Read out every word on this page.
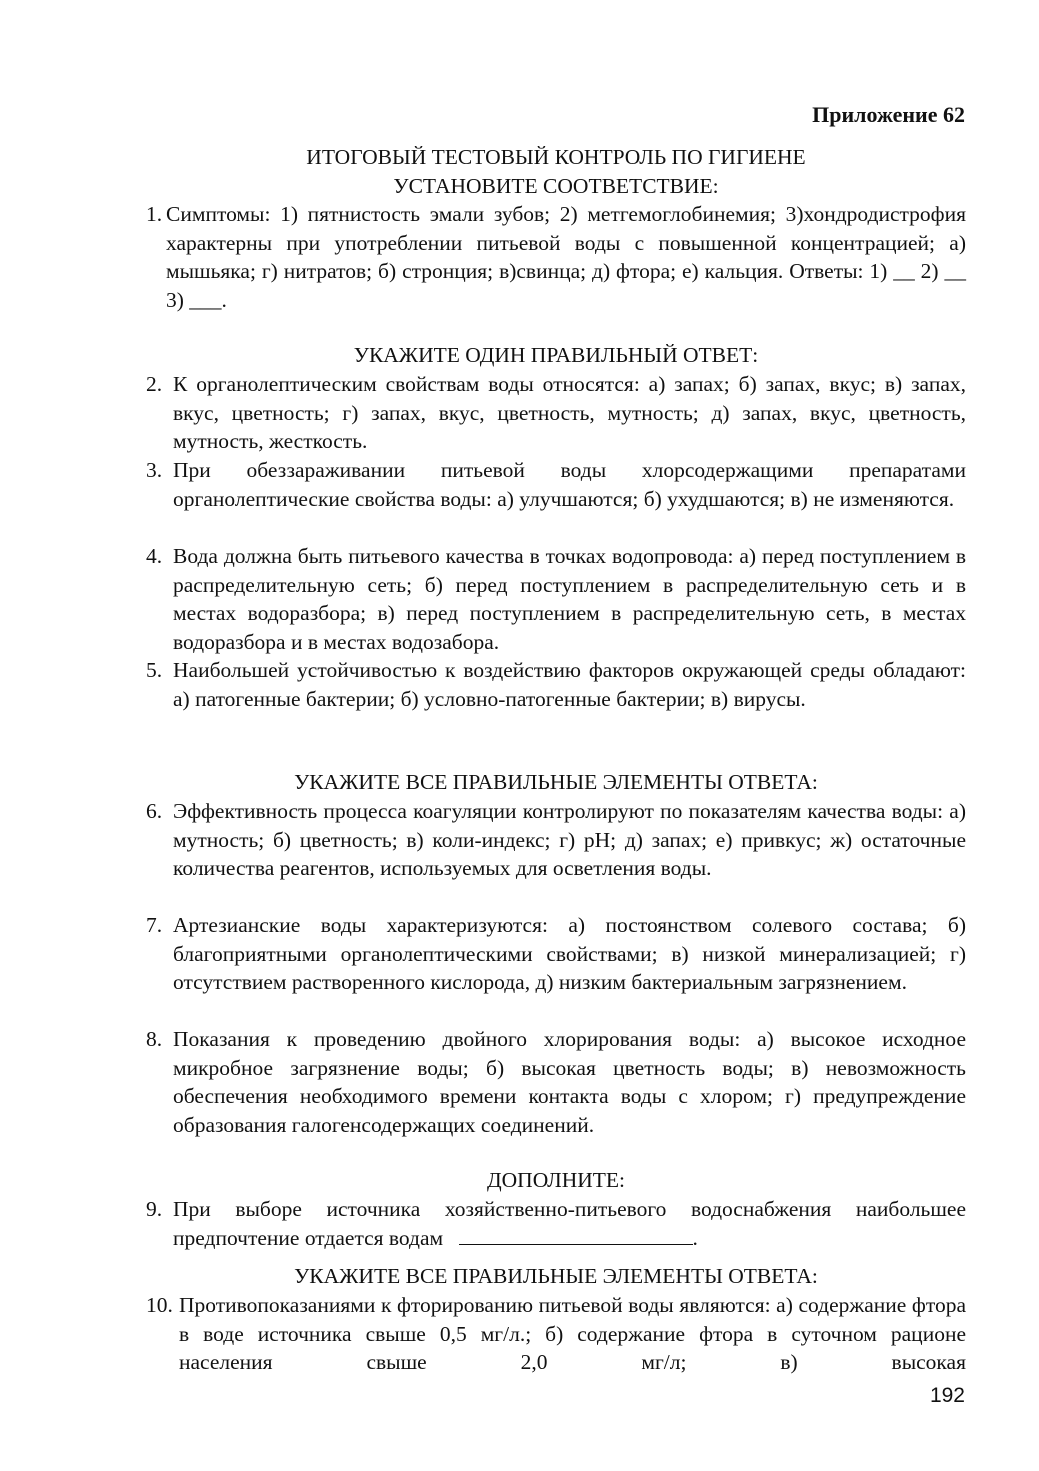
Приложение 62
ИТОГОВЫЙ ТЕСТОВЫЙ КОНТРОЛЬ ПО ГИГИЕНЕ
УСТАНОВИТЕ СООТВЕТСТВИЕ:
1. Симптомы: 1) пятнистость эмали зубов; 2) метгемоглобинемия; 3)хондродистрофия характерны при употреблении питьевой воды с повышенной концентрацией; а) мышьяка; г) нитратов; б) стронция; в)свинца; д) фтора; е) кальция. Ответы: 1) __ 2) __ 3) ___.
УКАЖИТЕ ОДИН ПРАВИЛЬНЫЙ ОТВЕТ:
2. К органолептическим свойствам воды относятся: а) запах; б) запах, вкус; в) запах, вкус, цветность; г) запах, вкус, цветность, мутность; д) запах, вкус, цветность, мутность, жесткость.
3. При обеззараживании питьевой воды хлорсодержащими препаратами органолептические свойства воды: а) улучшаются; б) ухудшаются; в) не изменяются.
4. Вода должна быть питьевого качества в точках водопровода: а) перед поступлением в распределительную сеть; б) перед поступлением в распределительную сеть и в местах водоразбора; в) перед поступлением в распределительную сеть, в местах водоразбора и в местах водозабора.
5. Наибольшей устойчивостью к воздействию факторов окружающей среды обладают: а) патогенные бактерии; б) условно-патогенные бактерии; в) вирусы.
УКАЖИТЕ ВСЕ ПРАВИЛЬНЫЕ ЭЛЕМЕНТЫ ОТВЕТА:
6. Эффективность процесса коагуляции контролируют по показателям качества воды: а) мутность; б) цветность; в) коли-индекс; г) pH; д) запах; е) привкус; ж) остаточные количества реагентов, используемых для осветления воды.
7. Артезианские воды характеризуются: а) постоянством солевого состава; б) благоприятными органолептическими свойствами; в) низкой минерализацией; г) отсутствием растворенного кислорода, д) низким бактериальным загрязнением.
8. Показания к проведению двойного хлорирования воды: а) высокое исходное микробное загрязнение воды; б) высокая цветность воды; в) невозможность обеспечения необходимого времени контакта воды с хлором; г) предупреждение образования галогенсодержащих соединений.
ДОПОЛНИТЕ:
9. При выборе источника хозяйственно-питьевого водоснабжения наибольшее предпочтение отдается водам	.
УКАЖИТЕ ВСЕ ПРАВИЛЬНЫЕ ЭЛЕМЕНТЫ ОТВЕТА:
10. Противопоказаниями к фторированию питьевой воды являются: а) содержание фтора в воде источника свыше 0,5 мг/л.; б) содержание фтора в суточном рационе населения свыше 2,0 мг/л; в) высокая
192
